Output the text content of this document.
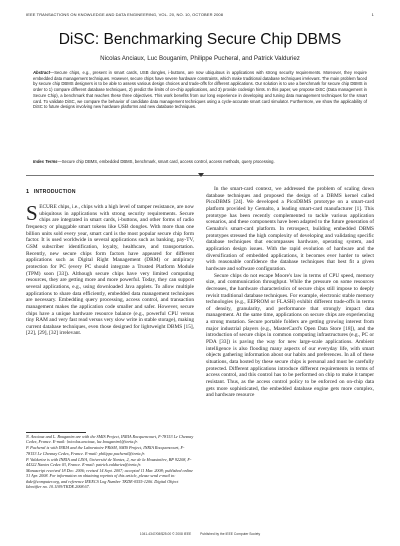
IEEE TRANSACTIONS ON KNOWLEDGE AND DATA ENGINEERING, VOL. 20, NO. 10, OCTOBER 2008	1
DiSC: Benchmarking Secure Chip DBMS
Nicolas Anciaux, Luc Bouganim, Philippe Pucheral, and Patrick Valduriez
Abstract—Secure chips, e.g., present in smart cards, USB dongles, i-buttons, are now ubiquitous in applications with strong security requirements. Moreover, they require embedded data management techniques. However, secure chips have severe hardware constraints, which make traditional database techniques irrelevant. The main problem faced by secure chip DBMS designers is to be able to assess various design choices and trade-offs for different applications. Our solution is to use a benchmark for secure chip DBMS in order to 1) compare different database techniques, 2) predict the limits of on-chip applications, and 3) provide codesign hints. In this paper, we propose DiSC (Data management in Secure Chip), a benchmark that reaches these three objectives. This work benefits from our long experience in developing and tuning data management techniques for the smart card. To validate DiSC, we compare the behavior of candidate data management techniques using a cycle-accurate smart card simulator. Furthermore, we show the applicability of DiSC to future designs involving new hardware platforms and new database techniques.
Index Terms—Secure chip DBMS, embedded DBMS, benchmark, smart card, access control, access methods, query processing.
1 INTRODUCTION

SECURE chips, i.e., chips with a high level of tamper resistance, are now ubiquitous in applications with strong security requirements. Secure chips are integrated in smart cards, i-buttons, and other forms of radio frequency or pluggable smart tokens like USB dongles. With more than one billion units sold every year, smart card is the most popular secure chip form factor. It is used worldwide in several applications such as banking, pay-TV, GSM subscriber identification, loyalty, healthcare, and transportation. Recently, new secure chips form factors have appeared for different applications such as Digital Right Management (DRM) or antipiracy protection for PC (every PC should integrate a Trusted Platform Module (TPM) soon [33]). Although secure chips have very limited computing resources, they are getting more and more powerful. Today, they can support several applications, e.g., using downloaded Java applets. To allow multiple applications to share data efficiently, embedded data management techniques are necessary. Embedding query processing, access control, and transaction management makes the application code smaller and safer. However, secure chips have a unique hardware resource balance (e.g., powerful CPU versus tiny RAM and very fast read versus very slow write in stable storage), making current database techniques, even those designed for lightweight DBMS [15], [22], [29], [32] irrelevant.

N. Anciaux and L. Bouganim are with the SMIS Project, INRIA Rocquencourt, F-78153 Le Chesnay Cedex, France. E-mail: {nicolas.anciaux, luc.bouganim}@inria.fr.

P. Pucheral is with INRIA and the Laboratoire PRiSM, SMIS Project, INRIA Rocquencourt, F-78153 Le Chesnay Cedex, France. E-mail: philippe.pucheral@inria.fr.

P. Valduriez is with INRIA and LINA, Université de Nantes, 2, rue de la Houssinière, BP 92208, F-44322 Nantes Cedex 03, France. E-mail: patrick.valduriez@inria.fr.

Manuscript received 18 Dec. 2006; revised 14 Sept. 2007; accepted 11 Mar. 2008; published online 31 Apr. 2008. For information on obtaining reprints of this article, please send e-mail to: tkde@computer.org, and reference IEEECS Log Number TKDE-0555-1206. Digital Object Identifier no. 10.1109/TKDE.2008.67.

In the smart-card context, we addressed the problem of scaling down database techniques and proposed the design of a DBMS kernel called PicoDBMS [24]. We developed a PicoDBMS prototype on a smart-card platform provided by Gemalto, a leading smart-card manufacturer [1]. This prototype has been recently complemented to tackle various application scenarios, and these components have been adapted to the future generation of Gemalto's smart-card platform. In retrospect, building embedded DBMS prototypes stressed the high complexity of developing and validating specific database techniques that encompasses hardware, operating system, and application design issues. With the rapid evolution of hardware and the diversification of embedded applications, it becomes ever harder to select with reasonable confidence the database techniques that best fit a given hardware and software configuration.

Secure chips do not escape Moore's law in terms of CPU speed, memory size, and communication throughput. While the pressure on some resources decreases, the hardware characteristics of secure chips still impose to deeply revisit traditional database techniques. For example, electronic stable memory technologies (e.g., EEPROM or FLASH) exhibit different trade-offs in terms of density, granularity, and performance that strongly impact data management. At the same time, applications on secure chips are experiencing a strong mutation. Secure portable folders are getting growing interest from major industrial players (e.g., MasterCard's Open Data Store [18]), and the introduction of secure chips in common computing infrastructures (e.g., PC or PDA [33]) is paving the way for new large-scale applications. Ambient intelligence is also flooding many aspects of our everyday life, with smart objects gathering information about our habits and preferences. In all of these situations, data hosted by these secure chips is personal and must be carefully protected. Different applications introduce different requirements in terms of access control, and this control has to be performed on chip to make it tamper resistant. Thus, as the access control policy to be enforced on on-chip data gets more sophisticated, the embedded database engine gets more complex, and hardware resource

1041-4347/08/$25.00 © 2008 IEEE	Published by the IEEE Computer Society
